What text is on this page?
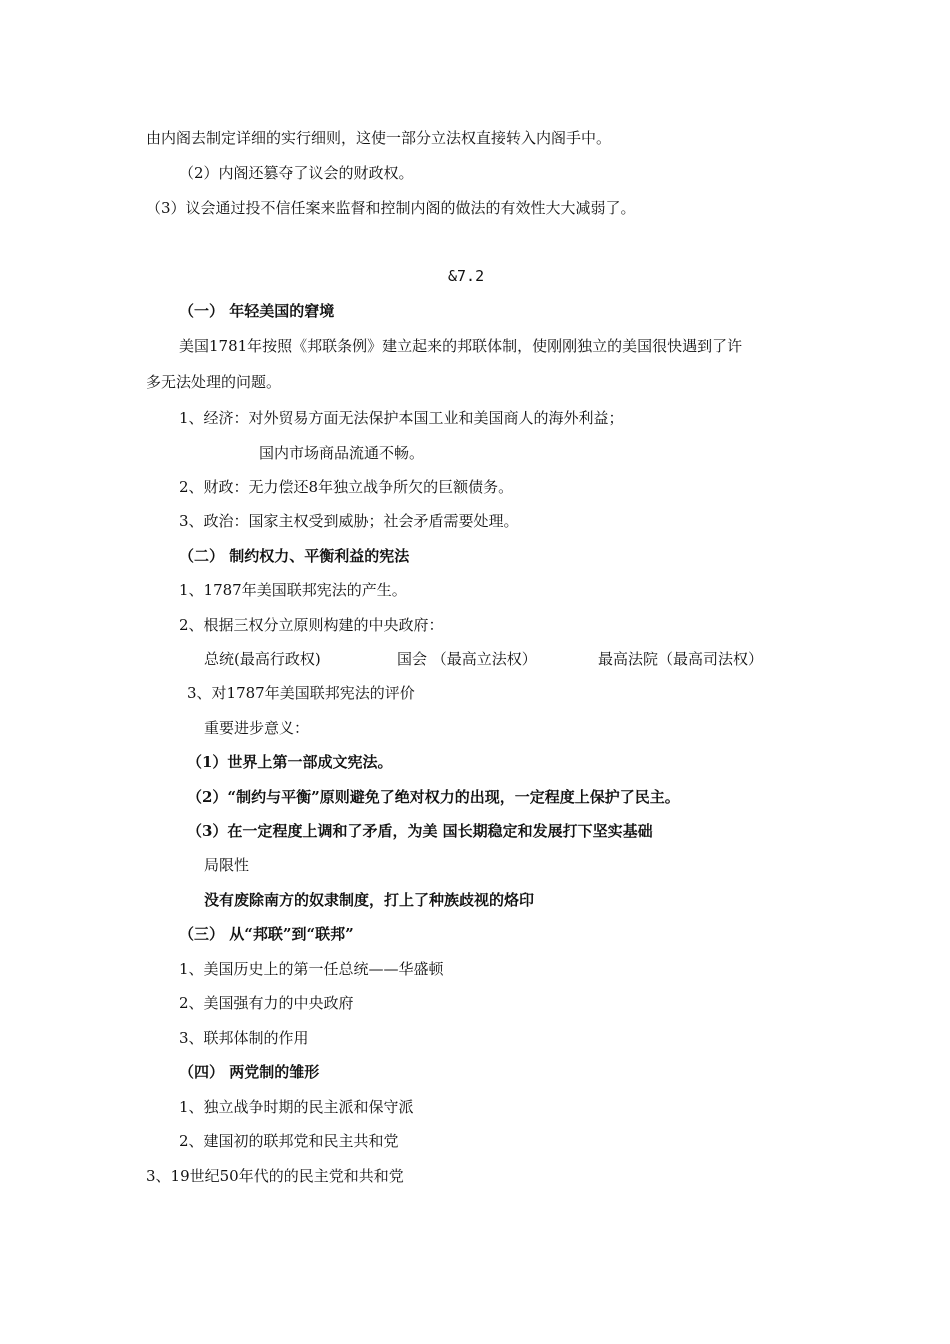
由内阁去制定详细的实行细则，这使一部分立法权直接转入内阁手中。
（2）内阁还篡夺了议会的财政权。
（3）议会通过投不信任案来监督和控制内阁的做法的有效性大大减弱了。
&7.2
（一） 年轻美国的窘境
美国1781年按照《邦联条例》建立起来的邦联体制，使刚刚独立的美国很快遇到了许
多无法处理的问题。
1、经济：对外贸易方面无法保护本国工业和美国商人的海外利益；
国内市场商品流通不畅。
2、财政：无力偿还8年独立战争所欠的巨额债务。
3、政治：国家主权受到威胁；社会矛盾需要处理。
（二） 制约权力、平衡利益的宪法
1、1787年美国联邦宪法的产生。
2、根据三权分立原则构建的中央政府：
总统(最高行政权)	国会 （最高立法权）	最高法院（最高司法权）
3、对1787年美国联邦宪法的评价
重要进步意义：
（1）世界上第一部成文宪法。
（2）“制约与平衡”原则避免了绝对权力的出现，一定程度上保护了民主。
（3）在一定程度上调和了矛盾，为美 国长期稳定和发展打下坚实基础
局限性
没有废除南方的奴隶制度，打上了种族歧视的烙印
（三） 从“邦联”到“联邦”
1、美国历史上的第一任总统——华盛顿
2、美国强有力的中央政府
3、联邦体制的作用
（四） 两党制的雏形
1、独立战争时期的民主派和保守派
2、建国初的联邦党和民主共和党
3、19世纪50年代的的民主党和共和党
